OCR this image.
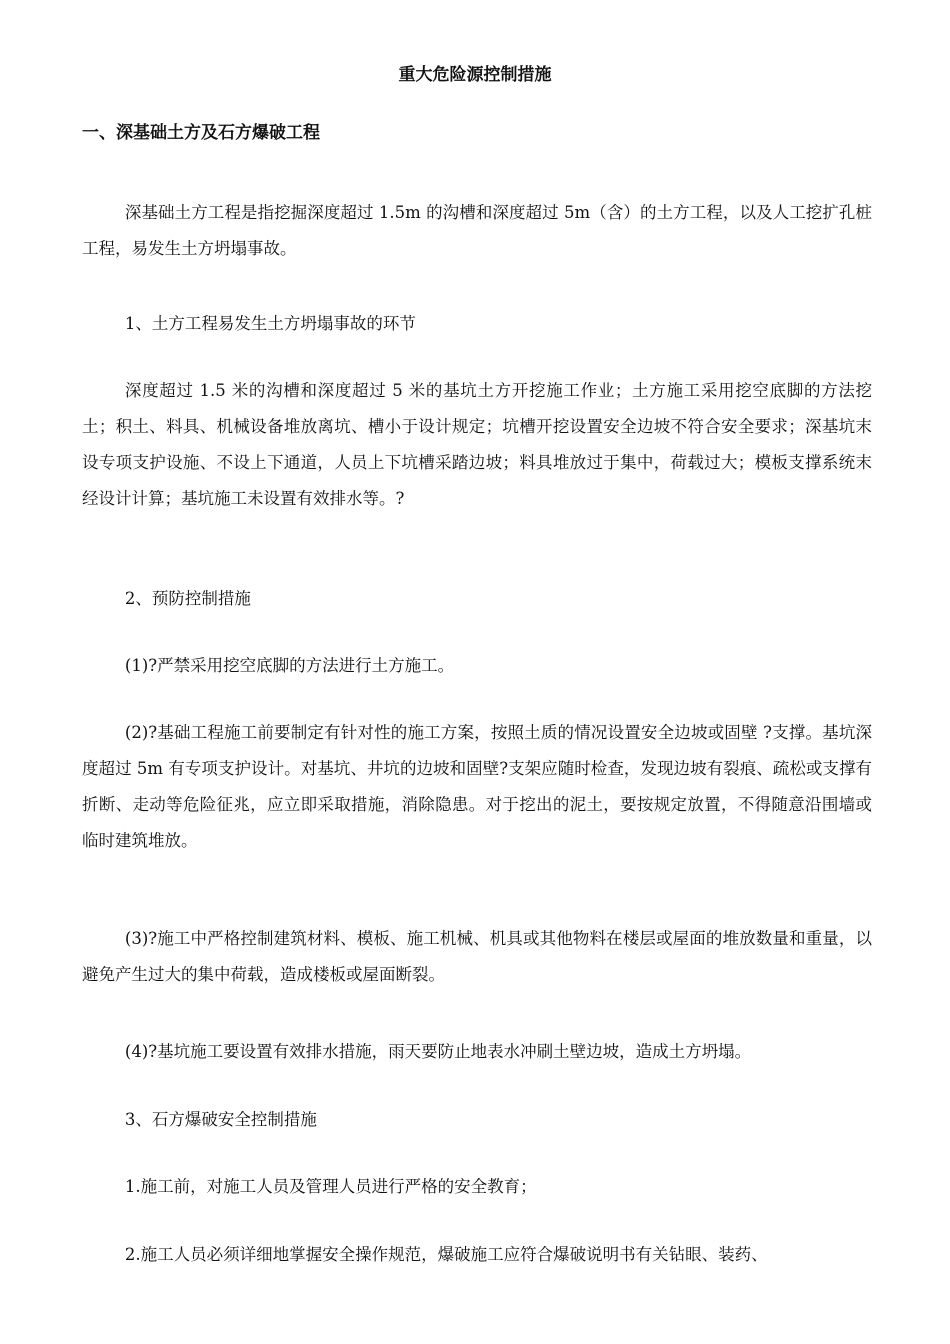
重大危险源控制措施
一、深基础土方及石方爆破工程

深基础土方工程是指挖掘深度超过 1.5m 的沟槽和深度超过 5m（含）的土方工程，以及人工挖扩孔桩工程，易发生土方坍塌事故。

1、土方工程易发生土方坍塌事故的环节

深度超过 1.5 米的沟槽和深度超过 5 米的基坑土方开挖施工作业；土方施工采用挖空底脚的方法挖土；积土、料具、机械设备堆放离坑、槽小于设计规定；坑槽开挖设置安全边坡不符合安全要求；深基坑末设专项支护设施、不设上下通道，人员上下坑槽采踏边坡；料具堆放过于集中，荷载过大；模板支撑系统末经设计计算；基坑施工未设置有效排水等。?

2、预防控制措施

(1)?严禁采用挖空底脚的方法进行土方施工。

(2)?基础工程施工前要制定有针对性的施工方案，按照土质的情况设置安全边坡或固壁 ?支撑。基坑深度超过 5m 有专项支护设计。对基坑、井坑的边坡和固壁?支架应随时检查，发现边坡有裂痕、疏松或支撑有折断、走动等危险征兆，应立即采取措施，消除隐患。对于挖出的泥土，要按规定放置，不得随意沿围墙或临时建筑堆放。

(3)?施工中严格控制建筑材料、模板、施工机械、机具或其他物料在楼层或屋面的堆放数量和重量，以避免产生过大的集中荷载，造成楼板或屋面断裂。

(4)?基坑施工要设置有效排水措施，雨天要防止地表水冲刷土壁边坡，造成土方坍塌。

3、石方爆破安全控制措施

1.施工前，对施工人员及管理人员进行严格的安全教育；

2.施工人员必须详细地掌握安全操作规范，爆破施工应符合爆破说明书有关钻眼、装药、
